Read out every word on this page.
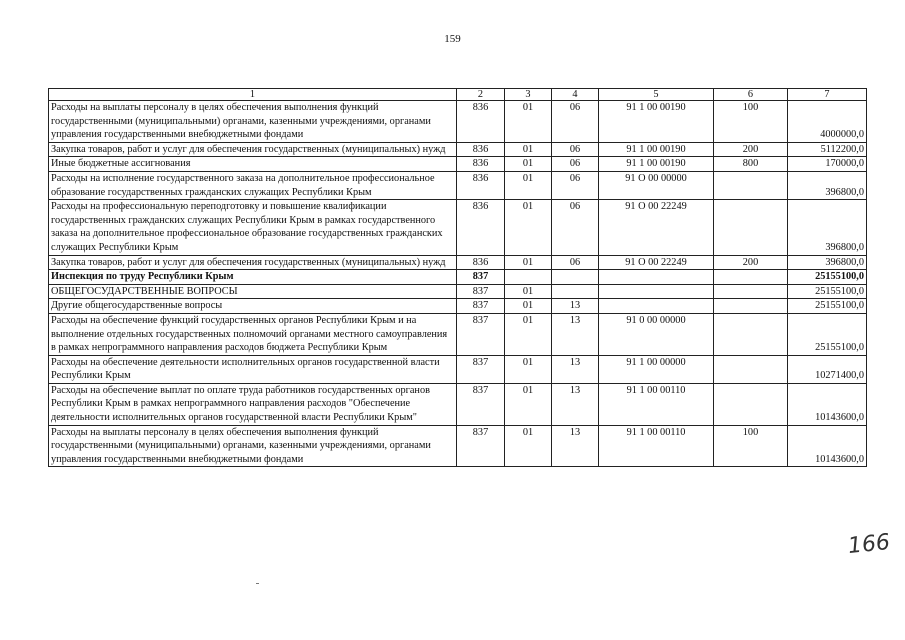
159
1	2	3	4	5	6	7
Расходы на выплаты персоналу в целях обеспечения выполнения функций государственными (муниципальными) органами, казенными учреждениями, органами управления государственными внебюджетными фондами	836	01	06	91 1 00 00190	100	4000000,0
Закупка товаров, работ и услуг для обеспечения государственных (муниципальных) нужд	836	01	06	91 1 00 00190	200	5112200,0
Иные бюджетные ассигнования	836	01	06	91 1 00 00190	800	170000,0
Расходы на исполнение государственного заказа на дополнительное профессиональное образование государственных гражданских служащих Республики Крым	836	01	06	91 О 00 00000		396800,0
Расходы на профессиональную переподготовку и повышение квалификации государственных гражданских служащих Республики Крым в рамках государственного заказа на дополнительное профессиональное образование государственных гражданских служащих Республики Крым	836	01	06	91 О 00 22249		396800,0
Закупка товаров, работ и услуг для обеспечения государственных (муниципальных) нужд	836	01	06	91 О 00 22249	200	396800,0
Инспекция по труду Республики Крым	837					25155100,0
ОБЩЕГОСУДАРСТВЕННЫЕ ВОПРОСЫ	837	01				25155100,0
Другие общегосударственные вопросы	837	01	13			25155100,0
Расходы на обеспечение функций государственных органов Республики Крым и на выполнение отдельных государственных полномочий органами местного самоуправления в рамках непрограммного направления расходов бюджета Республики Крым	837	01	13	91 0 00 00000		25155100,0
Расходы на обеспечение деятельности исполнительных органов государственной власти Республики Крым	837	01	13	91 1 00 00000		10271400,0
Расходы на обеспечение выплат по оплате труда работников государственных органов Республики Крым в рамках непрограммного направления расходов "Обеспечение деятельности исполнительных органов государственной власти Республики Крым"	837	01	13	91 1 00 00110		10143600,0
Расходы на выплаты персоналу в целях обеспечения выполнения функций государственными (муниципальными) органами, казенными учреждениями, органами управления государственными внебюджетными фондами	837	01	13	91 1 00 00110	100	10143600,0
166
